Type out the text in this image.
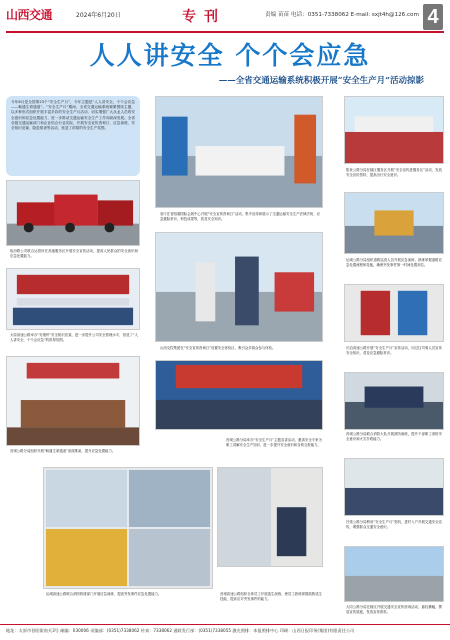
山西交通	2024年6月20日	专刊	责编 苗苗 电话：0351-7338062 E-mail: sxjt4h@126.com 4
人人讲安全 个个会应急
——全省交通运输系统积极开展“安全生产月”活动掠影
今年6月是全国第23个“安全生产月”，今年主题是“人人讲安全，个个会应急——畅通生命通道”。“安全生产月”期间，全省交通运输系统紧紧围绕主题，以多种形式组织开展丰富多彩的安全生产月活动，切实增强广大从业人员的安全意识和应急处置能力，进一步推动交通运输安全生产工作向纵深发展。全省各级交通运输部门和企业结合行业实际，开展安全宣传咨询日、应急演练、安全知识竞赛、隐患排查等活动，营造了浓厚的安全生产氛围。
临汾路公司联合运管所在高速服务区开展安全宣传活动，提高人民群众的安全意识和应急处置能力。
太原高速公路举办“安康杯”安全知识竞赛，进一步提升公司安全管理水平，营造了“人人讲安全，个个会应急”的浓厚氛围。
晋城公路分局组织开展“畅通生命通道”桌面推演，提升应急处置能力。
运城高速公路联合消防救援部门开展应急演练，提高突发事件应急处置能力。
省厅在晋阳湖国际会展中心开展“安全宣传咨询日”活动，集中宣传和展示了交通运输安全生产法律法规、应急避险常识、科技成果等，普及安全知识。
山西交控集团在“安全宣传咨询日”设置安全体验区，吸引众多群众参与体验。
晋城公路分局举办“安全生产月”主题宣讲活动，邀请安全专家为职工讲解安全生产知识，进一步提升安全意识和自救互救能力。
晋城高速公路组织全体员工开展逃生演练，使员工熟练掌握疏散逃生技能，提高应对突发事件的能力。
阳泉公路分局在辖区服务区开展“安全宣传进服务区”活动，发放安全宣传资料，提高出行安全意识。
运城公路分局组织道路巡查人员开展应急演练，熟练掌握道路应急处置流程和技能，确保突发事件第一时间处置到位。
长治高速公路开展“安全生产月”宣传活动，向过往司乘人员宣传安全知识，普及应急避险常识。
晋城公路分局联合消防大队开展消防演练，提升干部职工消防安全意识和火灾扑救能力。
吕梁公路分局利用“安全生产月”契机，进村入户开展交通安全宣传，增强群众交通安全意识。
大同公路分局在辖区开展交通安全宣传咨询活动，悬挂横幅，摆放宣传展板，发放宣传资料。
地址：太原市晋阳街南关3号 邮编：030006 采编部：(0351)7338062 传真：7338062 通联发行部：(0351)7338055 激光照排：本报照排中心 印刷：山西日报印务(集团)有限责任公司
